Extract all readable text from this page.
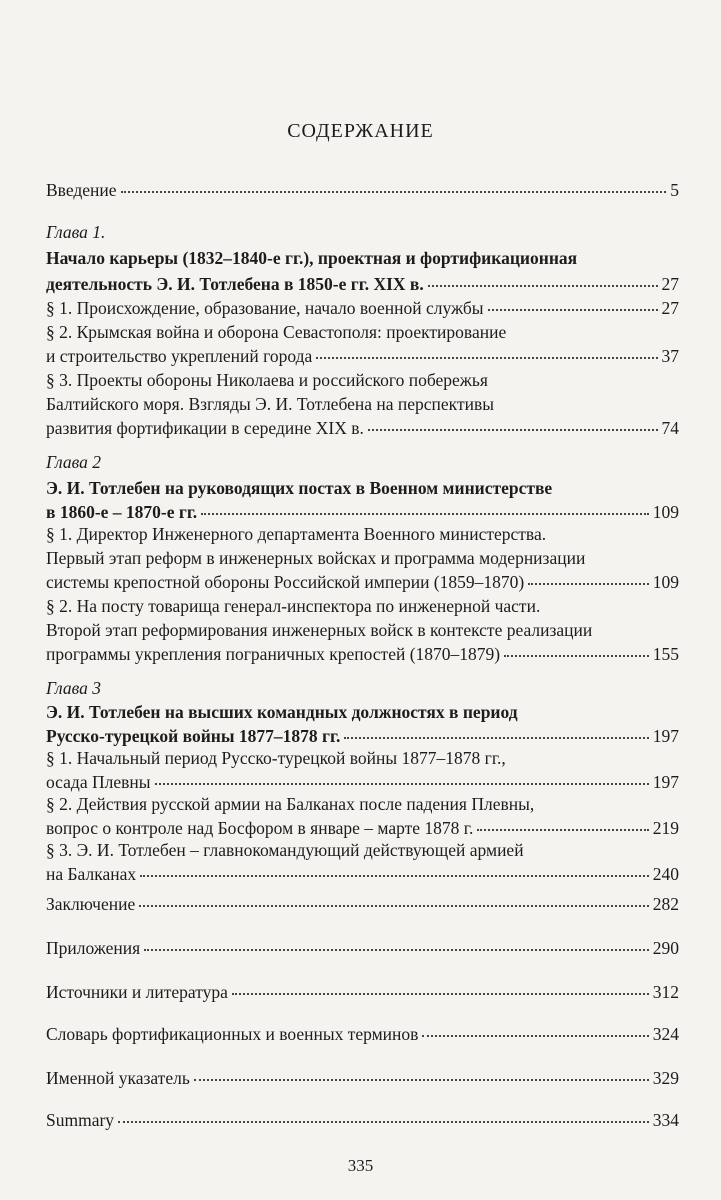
СОДЕРЖАНИЕ
Введение	5
Глава 1.
Начало карьеры (1832–1840-е гг.), проектная и фортификационная
деятельность Э. И. Тотлебена в 1850-е гг. XIX в.	27
§ 1. Происхождение, образование, начало военной службы	27
§ 2. Крымская война и оборона Севастополя: проектирование
и строительство укреплений города	37
§ 3. Проекты обороны Николаева и российского побережья
Балтийского моря. Взгляды Э. И. Тотлебена на перспективы
развития фортификации в середине XIX в.	74
Глава 2
Э. И. Тотлебен на руководящих постах в Военном министерстве
в 1860-е – 1870-е гг.	109
§ 1. Директор Инженерного департамента Военного министерства.
Первый этап реформ в инженерных войсках и программа модернизации
системы крепостной обороны Российской империи (1859–1870)	109
§ 2. На посту товарища генерал-инспектора по инженерной части.
Второй этап реформирования инженерных войск в контексте реализации
программы укрепления пограничных крепостей (1870–1879)	155
Глава 3
Э. И. Тотлебен на высших командных должностях в период
Русско-турецкой войны 1877–1878 гг.	197
§ 1. Начальный период Русско-турецкой войны 1877–1878 гг.,
осада Плевны	197
§ 2. Действия русской армии на Балканах после падения Плевны,
вопрос о контроле над Босфором в январе – марте 1878 г.	219
§ 3. Э. И. Тотлебен – главнокомандующий действующей армией
на Балканах	240
Заключение	282
Приложения	290
Источники и литература	312
Словарь фортификационных и военных терминов	324
Именной указатель	329
Summary	334
335
